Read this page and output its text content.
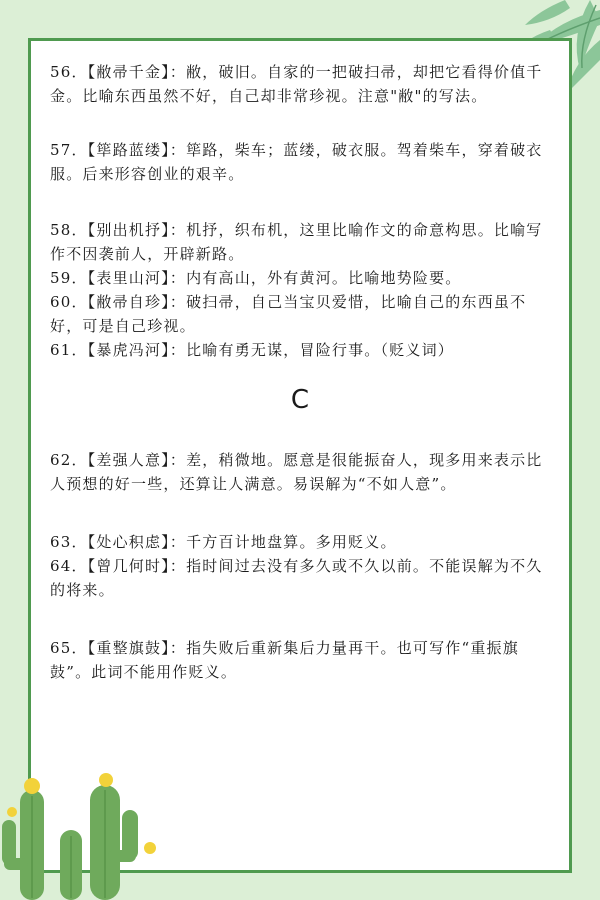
56．【敝帚千金】：敝，破旧。自家的一把破扫帚，却把它看得价值千金。比喻东西虽然不好，自己却非常珍视。注意"敝"的写法。

57．【筚路蓝缕】：筚路，柴车；蓝缕，破衣服。驾着柴车，穿着破衣服。后来形容创业的艰辛。

58．【别出机抒】：机抒，织布机，这里比喻作文的命意构思。比喻写作不因袭前人，开辟新路。

59．【表里山河】：内有高山，外有黄河。比喻地势险要。

60．【敝帚自珍】：破扫帚，自己当宝贝爱惜，比喻自己的东西虽不好，可是自己珍视。

61．【暴虎冯河】：比喻有勇无谋，冒险行事。（贬义词）

C

62．【差强人意】：差，稍微地。愿意是很能振奋人，现多用来表示比人预想的好一些，还算让人满意。易误解为“不如人意”。

63．【处心积虑】：千方百计地盘算。多用贬义。

64．【曾几何时】：指时间过去没有多久或不久以前。不能误解为不久的将来。

65．【重整旗鼓】：指失败后重新集后力量再干。也可写作“重振旗鼓”。此词不能用作贬义。
